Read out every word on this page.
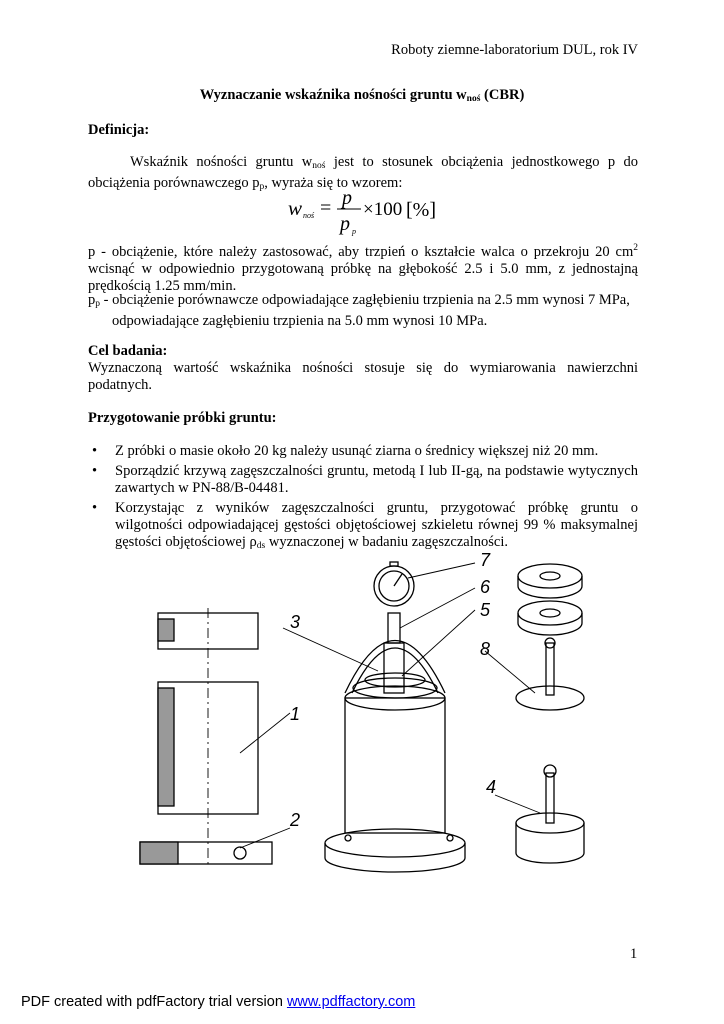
Roboty ziemne-laboratorium DUL, rok IV
Wyznaczanie wskaźnika nośności gruntu $w_{noś}$ (CBR)
Definicja:
Wskaźnik nośności gruntu $w_{noś}$ jest to stosunek obciążenia jednostkowego p do obciążenia porównawczego $p_p$, wyraża się to wzorem:
w noś = p
p p
×100 [%]
p - obciążenie, które należy zastosować, aby trzpień o kształcie walca o przekroju 20 $cm^2$ wcisnąć w odpowiednio przygotowaną próbkę na głębokość 2.5 i 5.0 mm, z jednostajną prędkością 1.25 mm/min.
$p_p$ - obciążenie porównawcze odpowiadające zagłębieniu trzpienia na 2.5 mm wynosi 7 MPa,
odpowiadające zagłębieniu trzpienia na 5.0 mm wynosi 10 MPa.
Cel badania:
Wyznaczoną wartość wskaźnika nośności stosuje się do wymiarowania nawierzchni podatnych.
Przygotowanie próbki gruntu:
• Z próbki o masie około 20 kg należy usunąć ziarna o średnicy większej niż 20 mm.
• Sporządzić krzywą zagęszczalności gruntu, metodą I lub II-gą, na podstawie wytycznych zawartych w PN-88/B-04481.
• Korzystając z wyników zagęszczalności gruntu, przygotować próbkę gruntu o wilgotności odpowiadającej gęstości objętościowej szkieletu równej 99 % maksymalnej gęstości objętościowej $\rho_{ds}$ wyznaczonej w badaniu zagęszczalności.
3
1
2
7
6
5
8
4
1
PDF created with pdfFactory trial version www.pdffactory.com
